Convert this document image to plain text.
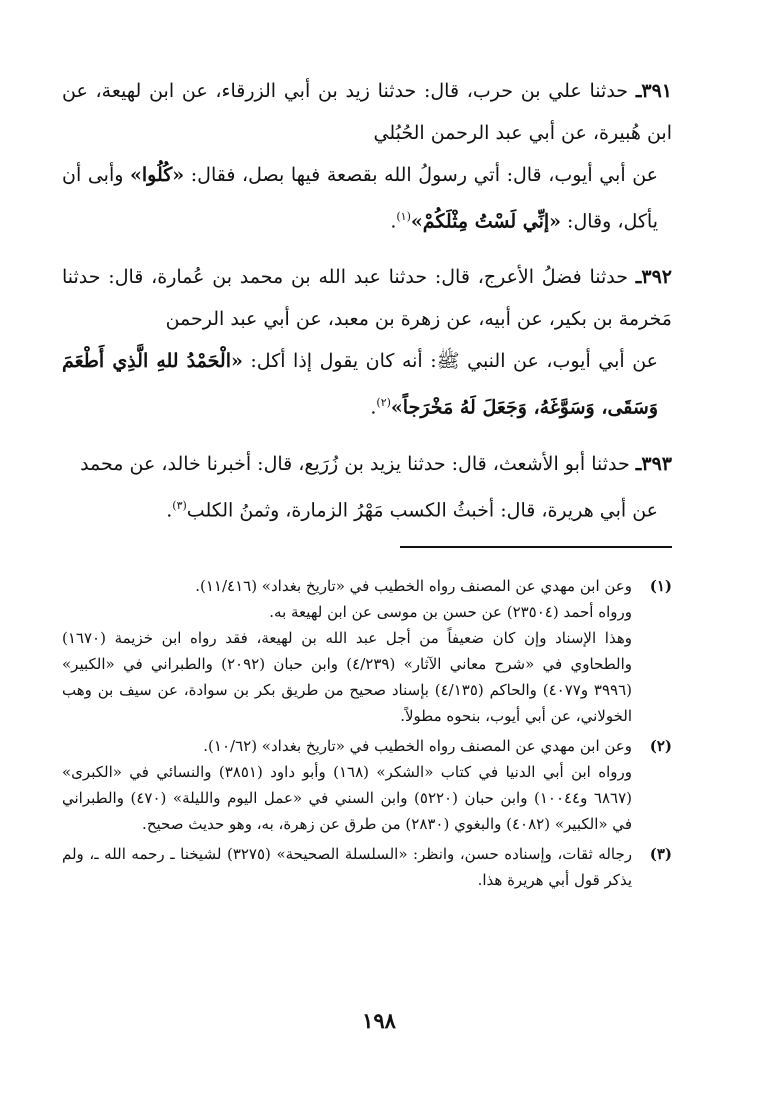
٣٩١ـ حدثنا علي بن حرب، قال: حدثنا زيد بن أبي الزرقاء، عن ابن لهيعة، عن ابن هُبيرة، عن أبي عبد الرحمن الحُبُلي

عن أبي أيوب، قال: أتي رسولُ الله بقصعة فيها بصل، فقال: «كُلُوا» وأبى أن يأكل، وقال: «إنِّي لَسْتُ مِثْلَكُمْ»$^{(١)}$.

٣٩٢ـ حدثنا فضلُ الأعرج، قال: حدثنا عبد الله بن محمد بن عُمارة، قال: حدثنا مَخرمة بن بكير، عن أبيه، عن زهرة بن معبد، عن أبي عبد الرحمن

عن أبي أيوب، عن النبي ﷺ: أنه كان يقول إذا أكل: «الْحَمْدُ للهِ الَّذِي أَطْعَمَ وَسَقَى، وَسَوَّغَهُ، وَجَعَلَ لَهُ مَخْرَجاً»$^{(٢)}$.

٣٩٣ـ حدثنا أبو الأشعث، قال: حدثنا يزيد بن زُرَيع، قال: أخبرنا خالد، عن محمد

عن أبي هريرة، قال: أخبثُ الكسب مَهْرُ الزمارة، وثمنُ الكلب$^{(٣)}$.

(١)
وعن ابن مهدي عن المصنف رواه الخطيب في «تاريخ بغداد» (١١/٤١٦).
ورواه أحمد (٢٣٥٠٤) عن حسن بن موسى عن ابن لهيعة به.
وهذا الإسناد وإن كان ضعيفاً من أجل عبد الله بن لهيعة، فقد رواه ابن خزيمة (١٦٧٠) والطحاوي في «شرح معاني الآثار» (٤/٢٣٩) وابن حبان (٢٠٩٢) والطبراني في «الكبير» (٣٩٩٦ و٤٠٧٧) والحاكم (٤/١٣٥) بإسناد صحيح من طريق بكر بن سوادة، عن سيف بن وهب الخولاني، عن أبي أيوب، بنحوه مطولاً.
(٢)
وعن ابن مهدي عن المصنف رواه الخطيب في «تاريخ بغداد» (١٠/٦٢).
ورواه ابن أبي الدنيا في كتاب «الشكر» (١٦٨) وأبو داود (٣٨٥١) والنسائي في «الكبرى» (٦٨٦٧ و١٠٠٤٤) وابن حبان (٥٢٢٠) وابن السني في «عمل اليوم والليلة» (٤٧٠) والطبراني في «الكبير» (٤٠٨٢) والبغوي (٢٨٣٠) من طرق عن زهرة، به، وهو حديث صحيح.
(٣)
رجاله ثقات، وإسناده حسن، وانظر: «السلسلة الصحيحة» (٣٢٧٥) لشيخنا ـ رحمه الله ـ، ولم يذكر قول أبي هريرة هذا.
١٩٨
